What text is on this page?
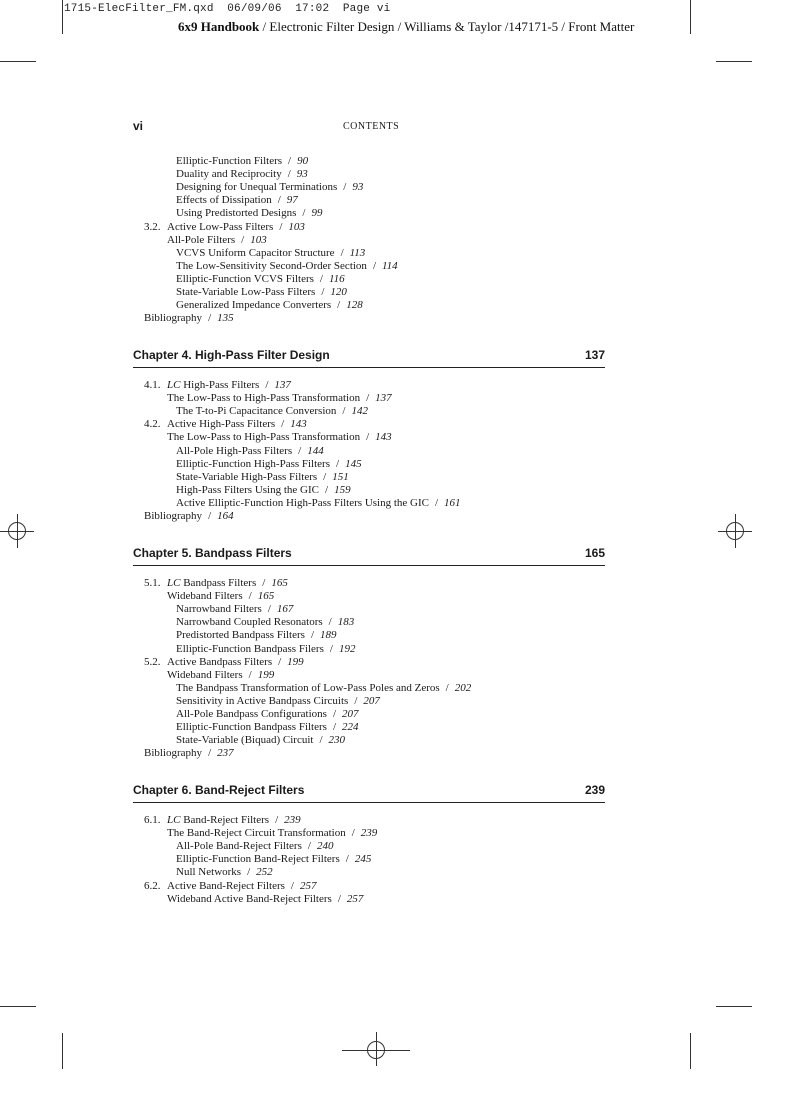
1715-ElecFilter_FM.qxd  06/09/06  17:02  Page vi
6x9 Handbook / Electronic Filter Design / Williams & Taylor /147171-5 / Front Matter
vi	CONTENTS
Elliptic-Function Filters / 90
Duality and Reciprocity / 93
Designing for Unequal Terminations / 93
Effects of Dissipation / 97
Using Predistorted Designs / 99
3.2. Active Low-Pass Filters / 103
All-Pole Filters / 103
VCVS Uniform Capacitor Structure / 113
The Low-Sensitivity Second-Order Section / 114
Elliptic-Function VCVS Filters / 116
State-Variable Low-Pass Filters / 120
Generalized Impedance Converters / 128
Bibliography / 135
Chapter 4. High-Pass Filter Design	137
4.1. LC High-Pass Filters / 137
The Low-Pass to High-Pass Transformation / 137
The T-to-Pi Capacitance Conversion / 142
4.2. Active High-Pass Filters / 143
The Low-Pass to High-Pass Transformation / 143
All-Pole High-Pass Filters / 144
Elliptic-Function High-Pass Filters / 145
State-Variable High-Pass Filters / 151
High-Pass Filters Using the GIC / 159
Active Elliptic-Function High-Pass Filters Using the GIC / 161
Bibliography / 164
Chapter 5. Bandpass Filters	165
5.1. LC Bandpass Filters / 165
Wideband Filters / 165
Narrowband Filters / 167
Narrowband Coupled Resonators / 183
Predistorted Bandpass Filters / 189
Elliptic-Function Bandpass Filers / 192
5.2. Active Bandpass Filters / 199
Wideband Filters / 199
The Bandpass Transformation of Low-Pass Poles and Zeros / 202
Sensitivity in Active Bandpass Circuits / 207
All-Pole Bandpass Configurations / 207
Elliptic-Function Bandpass Filters / 224
State-Variable (Biquad) Circuit / 230
Bibliography / 237
Chapter 6. Band-Reject Filters	239
6.1. LC Band-Reject Filters / 239
The Band-Reject Circuit Transformation / 239
All-Pole Band-Reject Filters / 240
Elliptic-Function Band-Reject Filters / 245
Null Networks / 252
6.2. Active Band-Reject Filters / 257
Wideband Active Band-Reject Filters / 257
